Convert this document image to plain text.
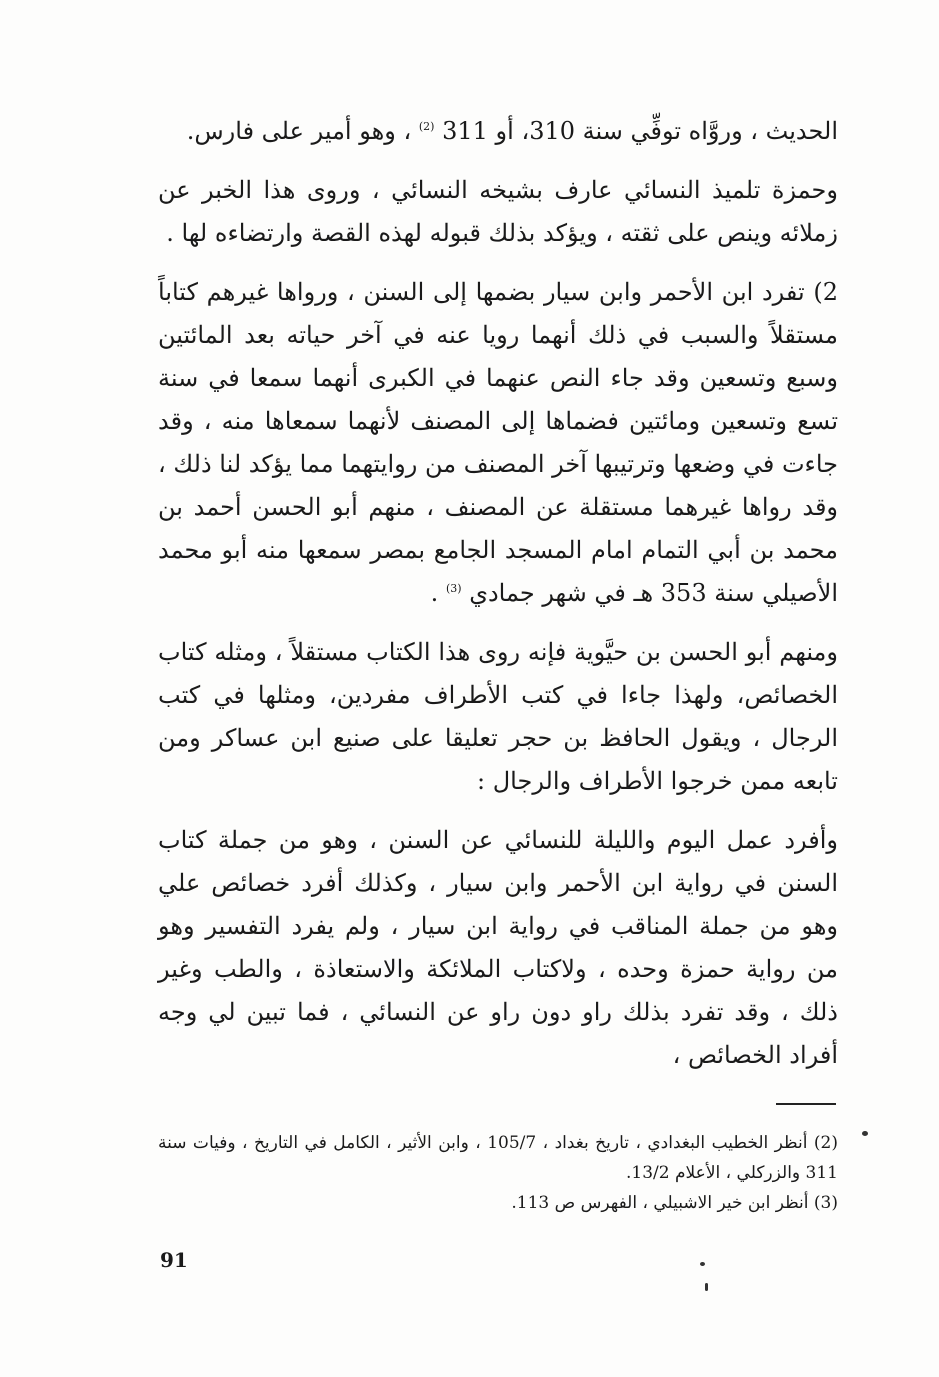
الحديث ، وروَّاه توفِّي سنة 310، أو 311 $^{(2)}$ ، وهو أمير على فارس.

وحمزة تلميذ النسائي عارف بشيخه النسائي ، وروى هذا الخبر عن زملائه وينص على ثقته ، ويؤكد بذلك قبوله لهذه القصة وارتضاءه لها .

2) تفرد ابن الأحمر وابن سيار بضمها إلى السنن ، ورواها غيرهم كتاباً مستقلاً والسبب في ذلك أنهما رويا عنه في آخر حياته بعد المائتين وسبع وتسعين وقد جاء النص عنهما في الكبرى أنهما سمعا في سنة تسع وتسعين ومائتين فضماها إلى المصنف لأنهما سمعاها منه ، وقد جاءت في وضعها وترتيبها آخر المصنف من روايتهما مما يؤكد لنا ذلك ، وقد رواها غيرهما مستقلة عن المصنف ، منهم أبو الحسن أحمد بن محمد بن أبي التمام امام المسجد الجامع بمصر سمعها منه أبو محمد الأصيلي سنة 353 هـ في شهر جمادي $^{(3)}$ .

ومنهم أبو الحسن بن حيَّوية فإنه روى هذا الكتاب مستقلاً ، ومثله كتاب الخصائص، ولهذا جاءا في كتب الأطراف مفردين، ومثلها في كتب الرجال ، ويقول الحافظ بن حجر تعليقا على صنيع ابن عساكر ومن تابعه ممن خرجوا الأطراف والرجال :

وأفرد عمل اليوم والليلة للنسائي عن السنن ، وهو من جملة كتاب السنن في رواية ابن الأحمر وابن سيار ، وكذلك أفرد خصائص علي وهو من جملة المناقب في رواية ابن سيار ، ولم يفرد التفسير وهو من رواية حمزة وحده ، ولاكتاب الملائكة والاستعاذة ، والطب وغير ذلك ، وقد تفرد بذلك راو دون راو عن النسائي ، فما تبين لي وجه أفراد الخصائص ،

(2) أنظر الخطيب البغدادي ، تاريخ بغداد ، 105/7 ، وابن الأثير ، الكامل في التاريخ ، وفيات سنة 311 والزركلي ، الأعلام 13/2.

(3) أنظر ابن خير الاشبيلي ، الفهرس ص 113.

91
